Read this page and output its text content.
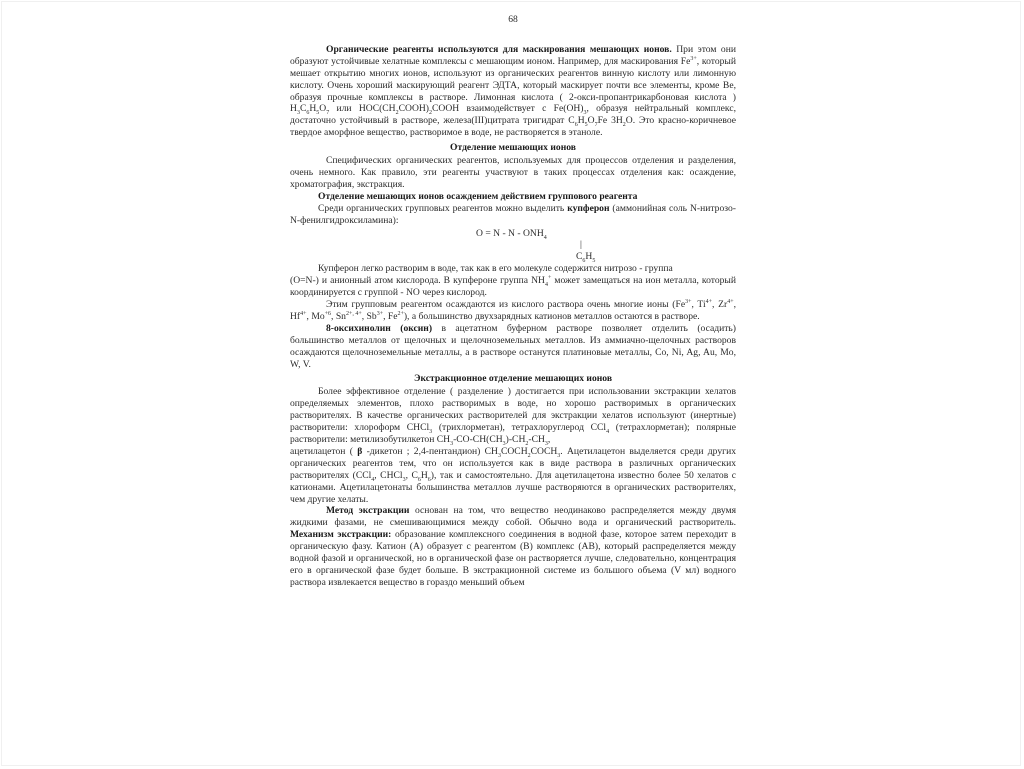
68

Органические реагенты используются для маскирования мешающих ионов. При этом они образуют устойчивые хелатные комплексы с мешающим ионом. Например, для маскирования $Fe^{3+}$, который мешает открытию многих ионов, используют из органических реагентов винную кислоту или лимонную кислоту. Очень хороший маскирующий реагент ЭДТА, который маскирует почти все элементы, кроме Be, образуя прочные комплексы в растворе. Лимонная кислота ( 2-окси-пропантрикарбоновая кислота ) $H_3C_6H_5O_7$ или $HOC(CH_2COOH)_2COOH$ взаимодействует с $Fe(OH)_3$, образуя нейтральный комплекс, достаточно устойчивый в растворе, железа(III)цитрата тригидрат $C_6H_5O_7Fe$ $3H_2O$. Это красно-коричневое твердое аморфное вещество, растворимое в воде, не растворяется в этаноле.

Отделение мешающих ионов

Специфических органических реагентов, используемых для процессов отделения и разделения, очень немного. Как правило, эти реагенты участвуют в таких процессах отделения как: осаждение, хроматография, экстракция.

Отделение мешающих ионов осаждением действием группового реагента

Среди органических групповых реагентов можно выделить купферон (аммонийная соль N-нитрозо-N-фенилгидроксиламина):

$O = N - N - ONH_4$
|
$C_6H_5$

Купферон легко растворим в воде, так как в его молекуле содержится нитрозо - группа

(O=N-) и анионный атом кислорода. В купфероне группа $NH_4^+$ может замещаться на ион металла, который координируется с группой - NO через кислород.

Этим групповым реагентом осаждаются из кислого раствора очень многие ионы ($Fe^{3+}$, $Ti^{4+}$, $Zr^{4+}$, $Hf^{4+}$, $Mo^{+6}$, $Sn^{2+, 4+}$, $Sb^{3+}$, $Fe^{2+}$), а большинство двухзарядных катионов металлов остаются в растворе.

8-оксихинолин (оксин) в ацетатном буферном растворе позволяет отделить (осадить) большинство металлов от щелочных и щелочноземельных металлов. Из аммиачно-щелочных растворов осаждаются щелочноземельные металлы, а в растворе останутся платиновые металлы, Co, Ni, Ag, Au, Mo, W, V.

Экстракционное отделение мешающих ионов

Более эффективное отделение ( разделение ) достигается при использовании экстракции хелатов определяемых элементов, плохо растворимых в воде, но хорошо растворимых в органических растворителях. В качестве органических растворителей для экстракции хелатов используют (инертные) растворители: хлороформ CHCl$_3$ (трихлорметан), тетрахлоруглерод CCl$_4$ (тетрахлорметан); полярные растворители: метилизобутилкетон $CH_3-CO-CH(CH_3)-CH_2-CH_3$,

ацетилацетон ( β -дикетон ; 2,4-пентандион) $CH_3COCH_2COCH_3$. Ацетилацетон выделяется среди других органических реагентов тем, что он используется как в виде раствора в различных органических растворителях (CCl$_4$, CHCl$_3$, $C_6H_6$), так и самостоятельно. Для ацетилацетона известно более 50 хелатов с катионами. Ацетилацетонаты большинства металлов лучше растворяются в органических растворителях, чем другие хелаты.

Метод экстракции основан на том, что вещество неодинаково распределяется между двумя жидкими фазами, не смешивающимися между собой. Обычно вода и органический растворитель. Механизм экстракции: образование комплексного соединения в водной фазе, которое затем переходит в органическую фазу. Катион (А) образует с реагентом (В) комплекс (АВ), который распределяется между водной фазой и органической, но в органической фазе он растворяется лучше, следовательно, концентрация его в органической фазе будет больше. В экстракционной системе из большого объема (V мл) водного раствора извлекается вещество в гораздо меньший объем
